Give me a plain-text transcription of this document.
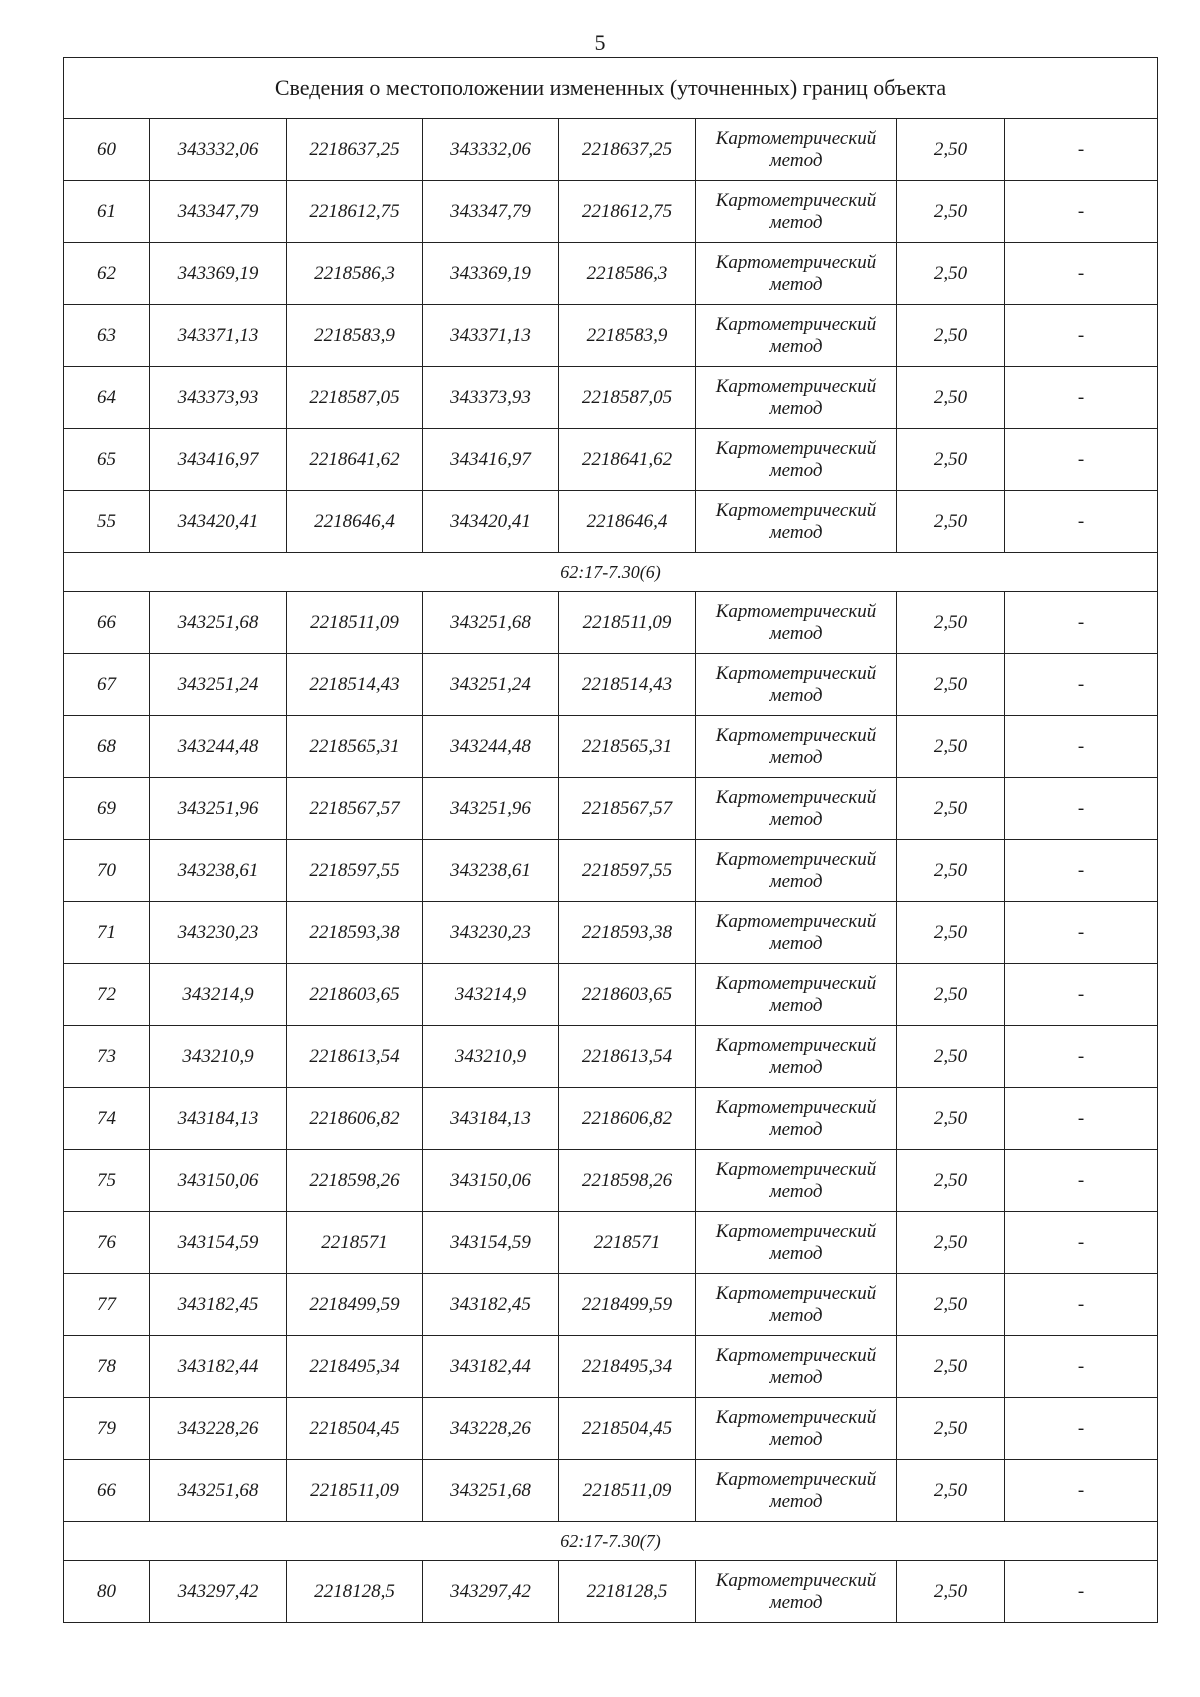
5
Сведения о местоположении измененных (уточненных) границ объекта							
60	343332,06	2218637,25	343332,06	2218637,25	Картометрический метод	2,50	-
61	343347,79	2218612,75	343347,79	2218612,75	Картометрический метод	2,50	-
62	343369,19	2218586,3	343369,19	2218586,3	Картометрический метод	2,50	-
63	343371,13	2218583,9	343371,13	2218583,9	Картометрический метод	2,50	-
64	343373,93	2218587,05	343373,93	2218587,05	Картометрический метод	2,50	-
65	343416,97	2218641,62	343416,97	2218641,62	Картометрический метод	2,50	-
55	343420,41	2218646,4	343420,41	2218646,4	Картометрический метод	2,50	-
62:17-7.30(6)							
66	343251,68	2218511,09	343251,68	2218511,09	Картометрический метод	2,50	-
67	343251,24	2218514,43	343251,24	2218514,43	Картометрический метод	2,50	-
68	343244,48	2218565,31	343244,48	2218565,31	Картометрический метод	2,50	-
69	343251,96	2218567,57	343251,96	2218567,57	Картометрический метод	2,50	-
70	343238,61	2218597,55	343238,61	2218597,55	Картометрический метод	2,50	-
71	343230,23	2218593,38	343230,23	2218593,38	Картометрический метод	2,50	-
72	343214,9	2218603,65	343214,9	2218603,65	Картометрический метод	2,50	-
73	343210,9	2218613,54	343210,9	2218613,54	Картометрический метод	2,50	-
74	343184,13	2218606,82	343184,13	2218606,82	Картометрический метод	2,50	-
75	343150,06	2218598,26	343150,06	2218598,26	Картометрический метод	2,50	-
76	343154,59	2218571	343154,59	2218571	Картометрический метод	2,50	-
77	343182,45	2218499,59	343182,45	2218499,59	Картометрический метод	2,50	-
78	343182,44	2218495,34	343182,44	2218495,34	Картометрический метод	2,50	-
79	343228,26	2218504,45	343228,26	2218504,45	Картометрический метод	2,50	-
66	343251,68	2218511,09	343251,68	2218511,09	Картометрический метод	2,50	-
62:17-7.30(7)							
80	343297,42	2218128,5	343297,42	2218128,5	Картометрический метод	2,50	-
